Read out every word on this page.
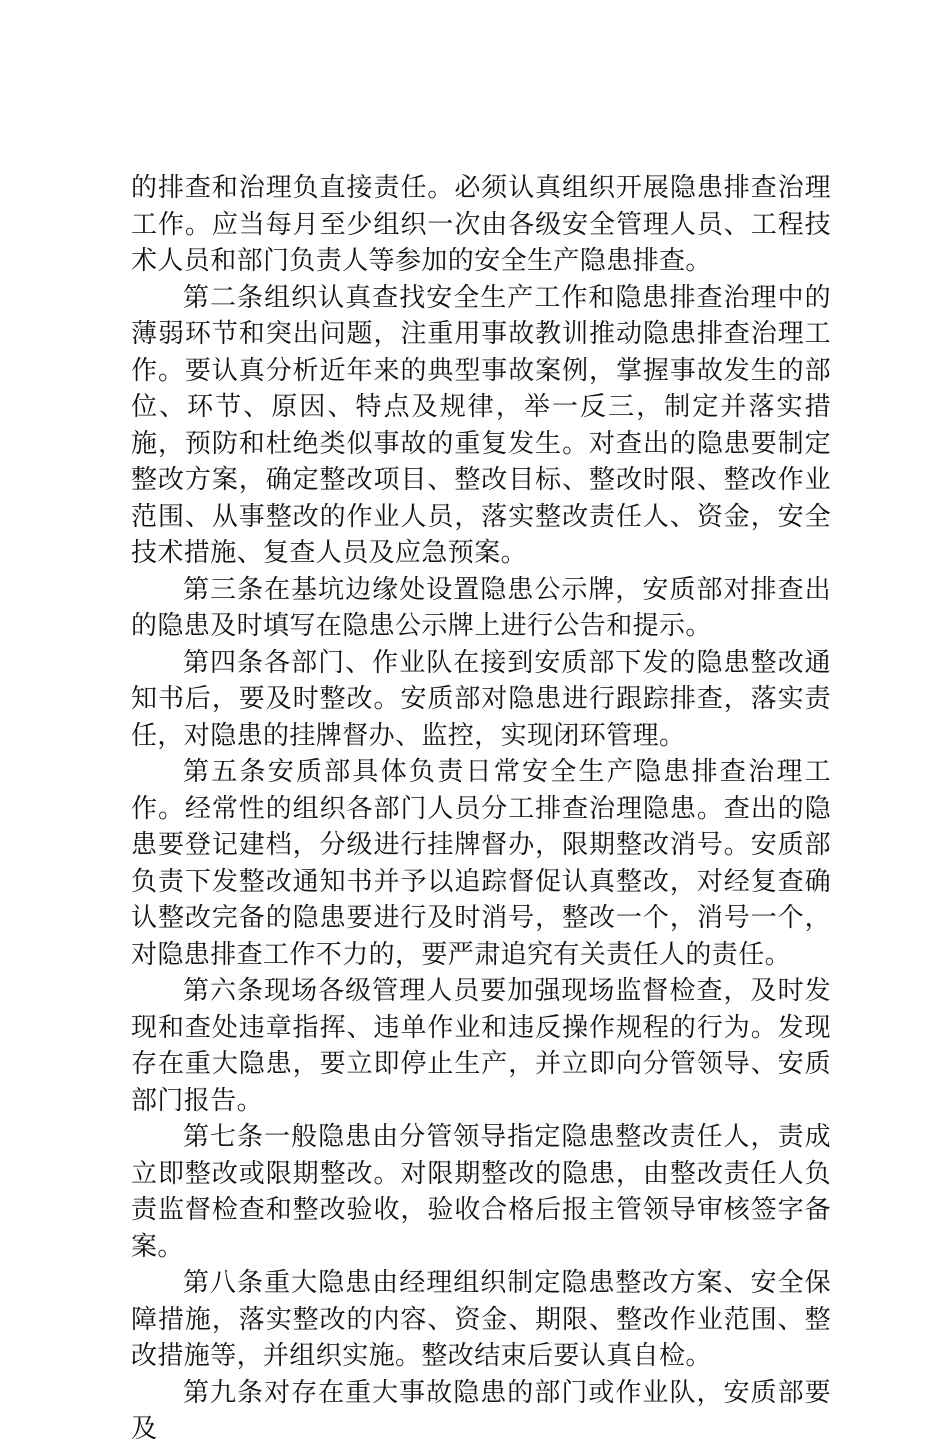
的排查和治理负直接责任。必须认真组织开展隐患排查治理工作。应当每月至少组织一次由各级安全管理人员、工程技术人员和部门负责人等参加的安全生产隐患排查。

第二条组织认真查找安全生产工作和隐患排查治理中的薄弱环节和突出问题，注重用事故教训推动隐患排查治理工作。要认真分析近年来的典型事故案例，掌握事故发生的部位、环节、原因、特点及规律，举一反三，制定并落实措施，预防和杜绝类似事故的重复发生。对查出的隐患要制定整改方案，确定整改项目、整改目标、整改时限、整改作业范围、从事整改的作业人员，落实整改责任人、资金，安全技术措施、复查人员及应急预案。

第三条在基坑边缘处设置隐患公示牌，安质部对排查出的隐患及时填写在隐患公示牌上进行公告和提示。

第四条各部门、作业队在接到安质部下发的隐患整改通知书后，要及时整改。安质部对隐患进行跟踪排查，落实责任，对隐患的挂牌督办、监控，实现闭环管理。

第五条安质部具体负责日常安全生产隐患排查治理工作。经常性的组织各部门人员分工排查治理隐患。查出的隐患要登记建档，分级进行挂牌督办，限期整改消号。安质部负责下发整改通知书并予以追踪督促认真整改，对经复查确认整改完备的隐患要进行及时消号，整改一个，消号一个，对隐患排查工作不力的，要严肃追究有关责任人的责任。

第六条现场各级管理人员要加强现场监督检查，及时发现和查处违章指挥、违单作业和违反操作规程的行为。发现存在重大隐患，要立即停止生产，并立即向分管领导、安质部门报告。

第七条一般隐患由分管领导指定隐患整改责任人，责成立即整改或限期整改。对限期整改的隐患，由整改责任人负责监督检查和整改验收，验收合格后报主管领导审核签字备案。

第八条重大隐患由经理组织制定隐患整改方案、安全保障措施，落实整改的内容、资金、期限、整改作业范围、整改措施等，并组织实施。整改结束后要认真自检。

第九条对存在重大事故隐患的部门或作业队，安质部要及
